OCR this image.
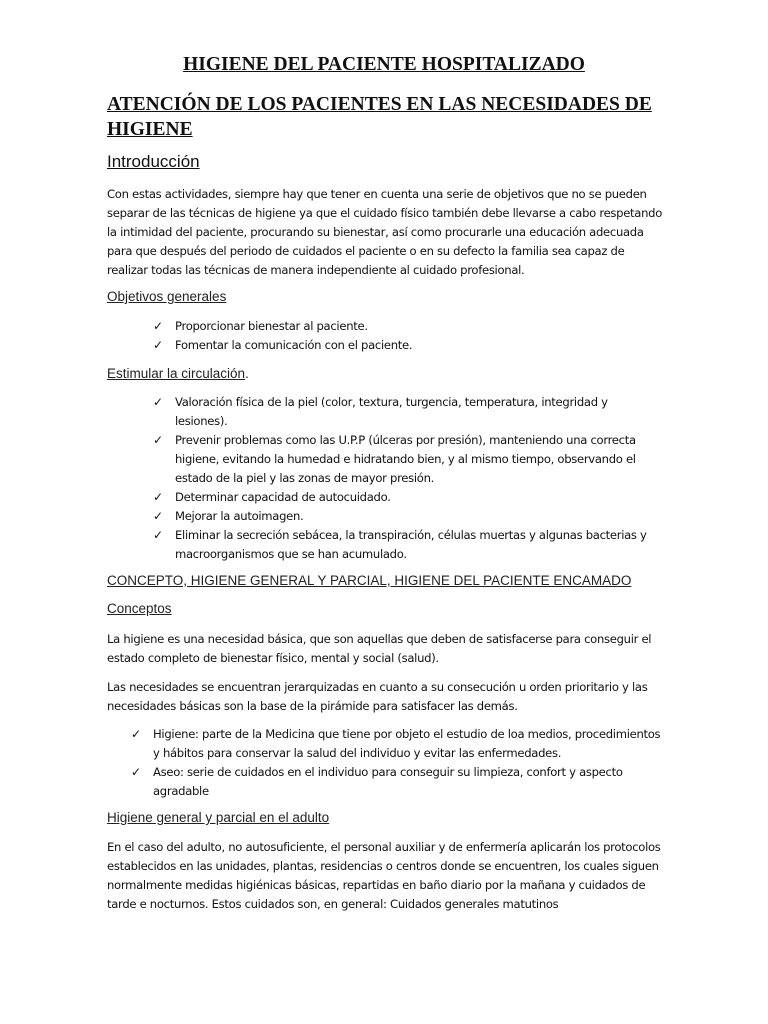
HIGIENE DEL PACIENTE HOSPITALIZADO
ATENCIÓN DE LOS PACIENTES EN LAS NECESIDADES DE HIGIENE
Introducción

Con estas actividades, siempre hay que tener en cuenta una serie de objetivos que no se pueden separar de las técnicas de higiene ya que el cuidado físico también debe llevarse a cabo respetando la intimidad del paciente, procurando su bienestar, así como procurarle una educación adecuada para que después del periodo de cuidados el paciente o en su defecto la familia sea capaz de realizar todas las técnicas de manera independiente al cuidado profesional.

Objetivos generales

✓ Proporcionar bienestar al paciente.
✓ Fomentar la comunicación con el paciente.

Estimular la circulación.

✓ Valoración física de la piel (color, textura, turgencia, temperatura, integridad y lesiones).
✓ Prevenir problemas como las U.P.P (úlceras por presión), manteniendo una correcta higiene, evitando la humedad e hidratando bien, y al mismo tiempo, observando el estado de la piel y las zonas de mayor presión.
✓ Determinar capacidad de autocuidado.
✓ Mejorar la autoimagen.
✓ Eliminar la secreción sebácea, la transpiración, células muertas y algunas bacterias y macroorganismos que se han acumulado.

CONCEPTO, HIGIENE GENERAL Y PARCIAL, HIGIENE DEL PACIENTE ENCAMADO

Conceptos

La higiene es una necesidad básica, que son aquellas que deben de satisfacerse para conseguir el estado completo de bienestar físico, mental y social (salud).

Las necesidades se encuentran jerarquizadas en cuanto a su consecución u orden prioritario y las necesidades básicas son la base de la pirámide para satisfacer las demás.

✓ Higiene: parte de la Medicina que tiene por objeto el estudio de loa medios, procedimientos y hábitos para conservar la salud del individuo y evitar las enfermedades.
✓ Aseo: serie de cuidados en el individuo para conseguir su limpieza, confort y aspecto agradable

Higiene general y parcial en el adulto

En el caso del adulto, no autosuficiente, el personal auxiliar y de enfermería aplicarán los protocolos establecidos en las unidades, plantas, residencias o centros donde se encuentren, los cuales siguen normalmente medidas higiénicas básicas, repartidas en baño diario por la mañana y cuidados de tarde e nocturnos. Estos cuidados son, en general: Cuidados generales matutinos
